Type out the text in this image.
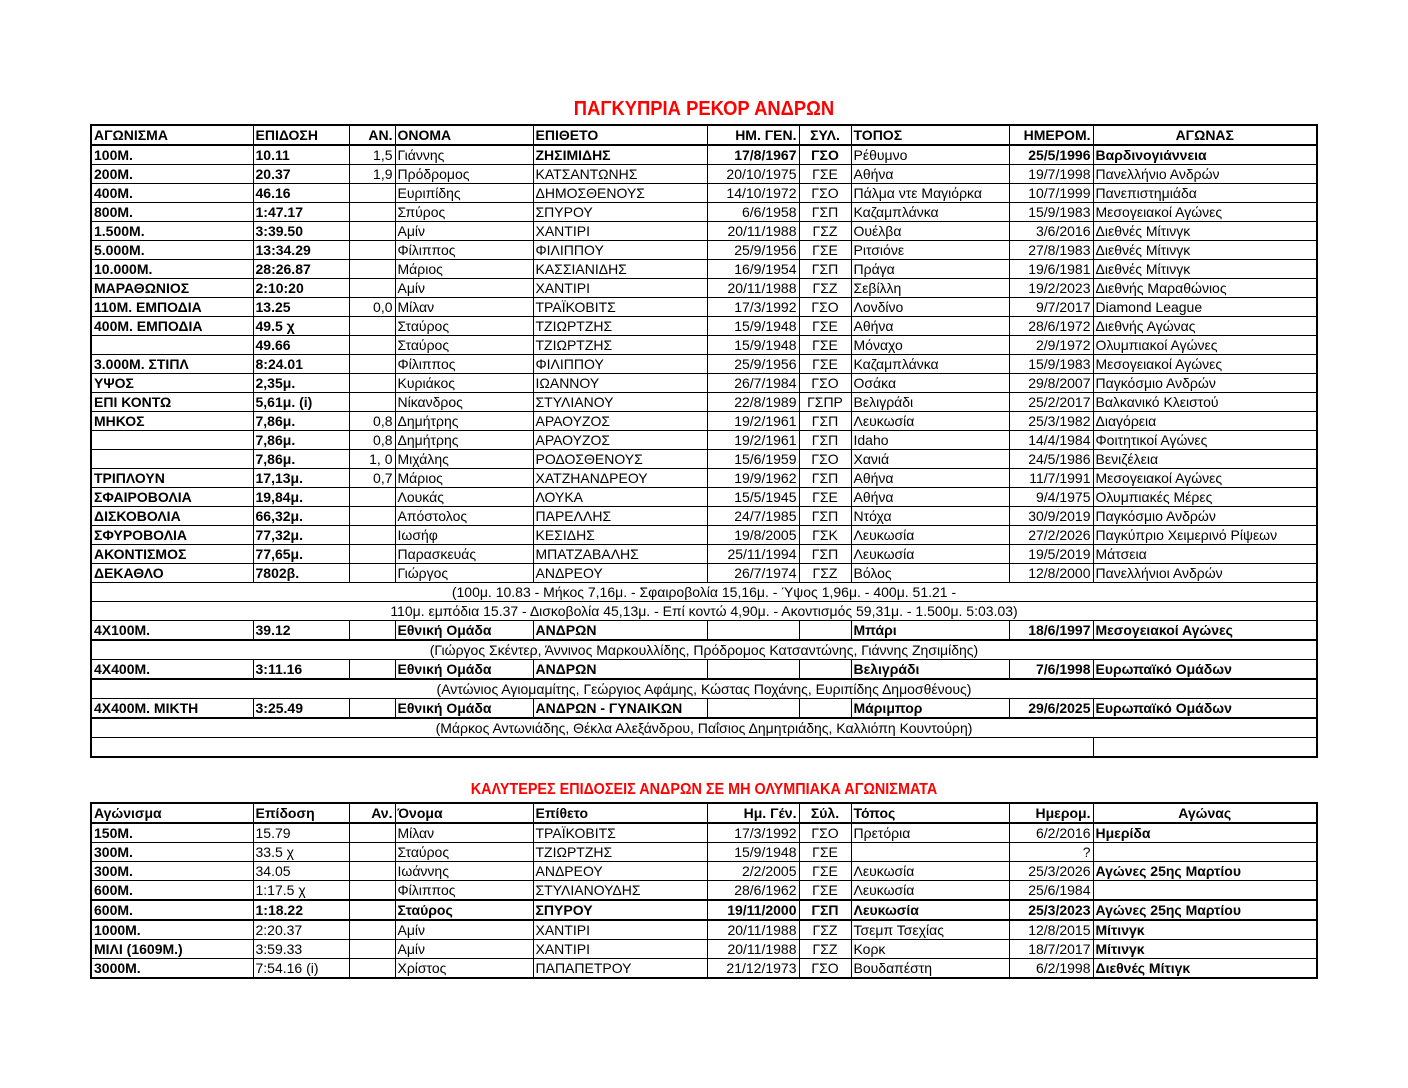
ΠΑΓΚΥΠΡΙΑ ΡΕΚΟΡ ΑΝΔΡΩΝ
ΑΓΩΝΙΣΜΑ	ΕΠΙΔΟΣΗ	ΑΝ.	ΟΝΟΜΑ	ΕΠΙΘΕΤΟ	ΗΜ. ΓΕΝ.	ΣΥΛ.	ΤΟΠΟΣ	ΗΜΕΡΟΜ.	ΑΓΩΝΑΣ
100Μ.	10.11	1,5	Γιάννης	ΖΗΣΙΜΙΔΗΣ	17/8/1967	ΓΣΟ	Ρέθυμνο	25/5/1996	Βαρδινογιάννεια
200Μ.	20.37	1,9	Πρόδρομος	ΚΑΤΣΑΝΤΩΝΗΣ	20/10/1975	ΓΣΕ	Αθήνα	19/7/1998	Πανελλήνιο Ανδρών
400Μ.	46.16		Ευριπίδης	ΔΗΜΟΣΘΕΝΟΥΣ	14/10/1972	ΓΣΟ	Πάλμα ντε Μαγιόρκα	10/7/1999	Πανεπιστημιάδα
800Μ.	1:47.17		Σπύρος	ΣΠΥΡΟΥ	6/6/1958	ΓΣΠ	Καζαμπλάνκα	15/9/1983	Μεσογειακοί Αγώνες
1.500Μ.	3:39.50		Αμίν	ΧΑΝΤΙΡΙ	20/11/1988	ΓΣΖ	Ουέλβα	3/6/2016	Διεθνές Μίτινγκ
5.000Μ.	13:34.29		Φίλιππος	ΦΙΛΙΠΠΟΥ	25/9/1956	ΓΣΕ	Ριτσιόνε	27/8/1983	Διεθνές Μίτινγκ
10.000Μ.	28:26.87		Μάριος	ΚΑΣΣΙΑΝΙΔΗΣ	16/9/1954	ΓΣΠ	Πράγα	19/6/1981	Διεθνές Μίτινγκ
ΜΑΡΑΘΩΝΙΟΣ	2:10:20		Αμίν	ΧΑΝΤΙΡΙ	20/11/1988	ΓΣΖ	Σεβίλλη	19/2/2023	Διεθνής Μαραθώνιος
110Μ. ΕΜΠΟΔΙΑ	13.25	0,0	Μίλαν	ΤΡΑΪΚΟΒΙΤΣ	17/3/1992	ΓΣΟ	Λονδίνο	9/7/2017	Diamond League
400Μ. ΕΜΠΟΔΙΑ	49.5 χ		Σταύρος	ΤΖΙΩΡΤΖΗΣ	15/9/1948	ΓΣΕ	Αθήνα	28/6/1972	Διεθνής Αγώνας
	49.66		Σταύρος	ΤΖΙΩΡΤΖΗΣ	15/9/1948	ΓΣΕ	Μόναχο	2/9/1972	Ολυμπιακοί Αγώνες
3.000Μ. ΣΤΙΠΛ	8:24.01		Φίλιππος	ΦΙΛΙΠΠΟΥ	25/9/1956	ΓΣΕ	Καζαμπλάνκα	15/9/1983	Μεσογειακοί Αγώνες
ΥΨΟΣ	2,35μ.		Κυριάκος	ΙΩΑΝΝΟΥ	26/7/1984	ΓΣΟ	Οσάκα	29/8/2007	Παγκόσμιο Ανδρών
ΕΠΙ ΚΟΝΤΩ	5,61μ. (i)		Νίκανδρος	ΣΤΥΛΙΑΝΟΥ	22/8/1989	ΓΣΠΡ	Βελιγράδι	25/2/2017	Βαλκανικό Κλειστού
ΜΗΚΟΣ	7,86μ.	0,8	Δημήτρης	ΑΡΑΟΥΖΟΣ	19/2/1961	ΓΣΠ	Λευκωσία	25/3/1982	Διαγόρεια
	7,86μ.	0,8	Δημήτρης	ΑΡΑΟΥΖΟΣ	19/2/1961	ΓΣΠ	Idaho	14/4/1984	Φοιτητικοί Αγώνες
	7,86μ.	1, 0	Μιχάλης	ΡΟΔΟΣΘΕΝΟΥΣ	15/6/1959	ΓΣΟ	Χανιά	24/5/1986	Βενιζέλεια
ΤΡΙΠΛΟΥΝ	17,13μ.	0,7	Μάριος	ΧΑΤΖΗΑΝΔΡΕΟΥ	19/9/1962	ΓΣΠ	Αθήνα	11/7/1991	Μεσογειακοί Αγώνες
ΣΦΑΙΡΟΒΟΛΙΑ	19,84μ.		Λουκάς	ΛΟΥΚΑ	15/5/1945	ΓΣΕ	Αθήνα	9/4/1975	Ολυμπιακές Μέρες
ΔΙΣΚΟΒΟΛΙΑ	66,32μ.		Απόστολος	ΠΑΡΕΛΛΗΣ	24/7/1985	ΓΣΠ	Ντόχα	30/9/2019	Παγκόσμιο Ανδρών
ΣΦΥΡΟΒΟΛΙΑ	77,32μ.		Ιωσήφ	ΚΕΣΙΔΗΣ	19/8/2005	ΓΣΚ	Λευκωσία	27/2/2026	Παγκύπριο Χειμερινό Ρίψεων
ΑΚΟΝΤΙΣΜΟΣ	77,65μ.		Παρασκευάς	ΜΠΑΤΖΑΒΑΛΗΣ	25/11/1994	ΓΣΠ	Λευκωσία	19/5/2019	Μάτσεια
ΔΕΚΑΘΛΟ	7802β.		Γιώργος	ΑΝΔΡΕΟΥ	26/7/1974	ΓΣΖ	Βόλος	12/8/2000	Πανελλήνιοι Ανδρών
(100μ. 10.83 - Μήκος 7,16μ. - Σφαιροβολία 15,16μ. - Ύψος 1,96μ. - 400μ. 51.21 -									
110μ. εμπόδια 15.37 - Δισκοβολία 45,13μ. - Επί κοντώ 4,90μ. - Ακοντισμός 59,31μ. - 1.500μ. 5:03.03)									
4X100Μ.	39.12		Εθνική Ομάδα	ΑΝΔΡΩΝ			Μπάρι	18/6/1997	Μεσογειακοί Αγώνες
(Γιώργος Σκέντερ, Άννινος Μαρκουλλίδης, Πρόδρομος Κατσαντώνης, Γιάννης Ζησιμίδης)									
4X400Μ.	3:11.16		Εθνική Ομάδα	ΑΝΔΡΩΝ			Βελιγράδι	7/6/1998	Ευρωπαϊκό Ομάδων
(Αντώνιος Αγιομαμίτης, Γεώργιος Αφάμης, Κώστας Ποχάνης, Ευριπίδης Δημοσθένους)									
4X400Μ. ΜΙΚΤΗ	3:25.49		Εθνική Ομάδα	ΑΝΔΡΩΝ - ΓΥΝΑΙΚΩΝ			Μάριμπορ	29/6/2025	Ευρωπαϊκό Ομάδων
(Μάρκος Αντωνιάδης, Θέκλα Αλεξάνδρου, Παΐσιος Δημητριάδης, Καλλιόπη Κουντούρη)									

ΚΑΛΥΤΕΡΕΣ ΕΠΙΔΟΣΕΙΣ ΑΝΔΡΩΝ ΣΕ ΜΗ ΟΛΥΜΠΙΑΚΑ ΑΓΩΝΙΣΜΑΤΑ
Αγώνισμα	Επίδοση	Αν.	Όνομα	Επίθετο	Ημ. Γέν.	Σύλ.	Τόπος	Ημερομ.	Αγώνας
150Μ.	15.79		Μίλαν	ΤΡΑΪΚΟΒΙΤΣ	17/3/1992	ΓΣΟ	Πρετόρια	6/2/2016	Ημερίδα
300Μ.	33.5 χ		Σταύρος	ΤΖΙΩΡΤΖΗΣ	15/9/1948	ΓΣΕ		?	
300Μ.	34.05		Ιωάννης	ΑΝΔΡΕΟΥ	2/2/2005	ΓΣΕ	Λευκωσία	25/3/2026	Αγώνες 25ης Μαρτίου
600Μ.	1:17.5 χ		Φίλιππος	ΣΤΥΛΙΑΝΟΥΔΗΣ	28/6/1962	ΓΣΕ	Λευκωσία	25/6/1984	
600Μ.	1:18.22		Σταύρος	ΣΠΥΡΟΥ	19/11/2000	ΓΣΠ	Λευκωσία	25/3/2023	Αγώνες 25ης Μαρτίου
1000Μ.	2:20.37		Αμίν	ΧΑΝΤΙΡΙ	20/11/1988	ΓΣΖ	Τσεμπ Τσεχίας	12/8/2015	Μίτινγκ
ΜΙΛΙ (1609Μ.)	3:59.33		Αμίν	ΧΑΝΤΙΡΙ	20/11/1988	ΓΣΖ	Κορκ	18/7/2017	Μίτινγκ
3000Μ.	7:54.16 (i)		Χρίστος	ΠΑΠΑΠΕΤΡΟΥ	21/12/1973	ΓΣΟ	Βουδαπέστη	6/2/1998	Διεθνές Μίτιγκ
